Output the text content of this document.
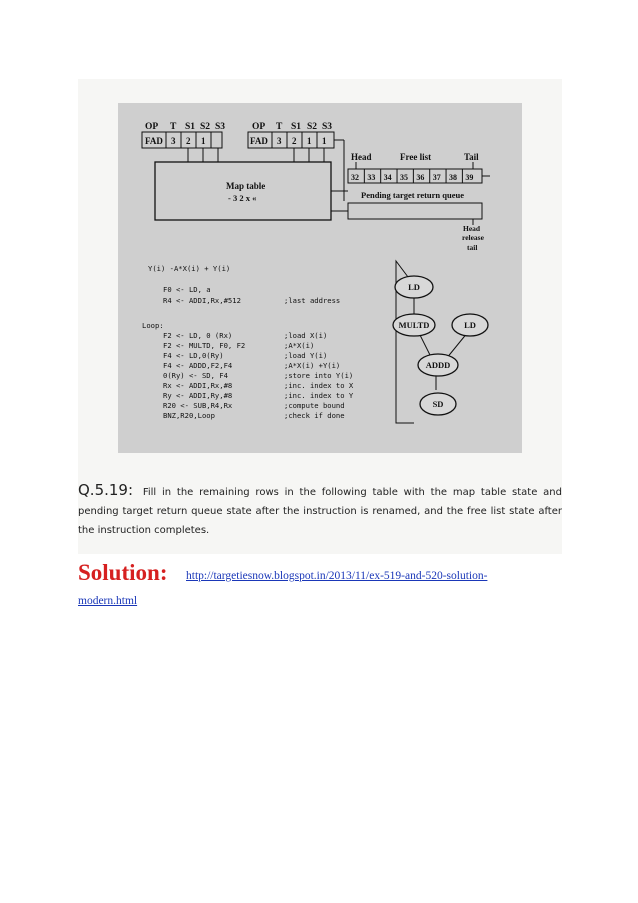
OP T S1 S2 S3	OP T S1 S2 S3
FAD 3 2 1	FAD 3 2 1 1
Map table
- 3 2 x «
Head	Free list	Tail
32 33 34 35 36 37 38 39
Pending target return queue
Head
release
tail
Y(i) -A*X(i) + Y(i)
F0 <- LD, a
R4 <- ADDI,Rx,#512	;last address
Loop:
F2 <- LD, 0 (Rx)	;load X(i)
F2 <- MULTD, F0, F2	;A*X(i)
F4 <- LD,0(Ry)	;load Y(i)
F4 <- ADDD,F2,F4	;A*X(i) +Y(i)
0(Ry) <- SD, F4	;store into Y(i)
Rx <- ADDI,Rx,#8	;inc. index to X
Ry <- ADDI,Ry,#8	;inc. index to Y
R20 <- SUB,R4,Rx	;compute bound
BNZ,R20,Loop	;check if done
LD
MULTD	LD
ADDD
SD
Q.5.19: Fill in the remaining rows in the following table with the map table state and pending target return queue state after the instruction is renamed, and the free list state after the instruction completes.
Solution: http://targetiesnow.blogspot.in/2013/11/ex-519-and-520-solution-
modern.html
